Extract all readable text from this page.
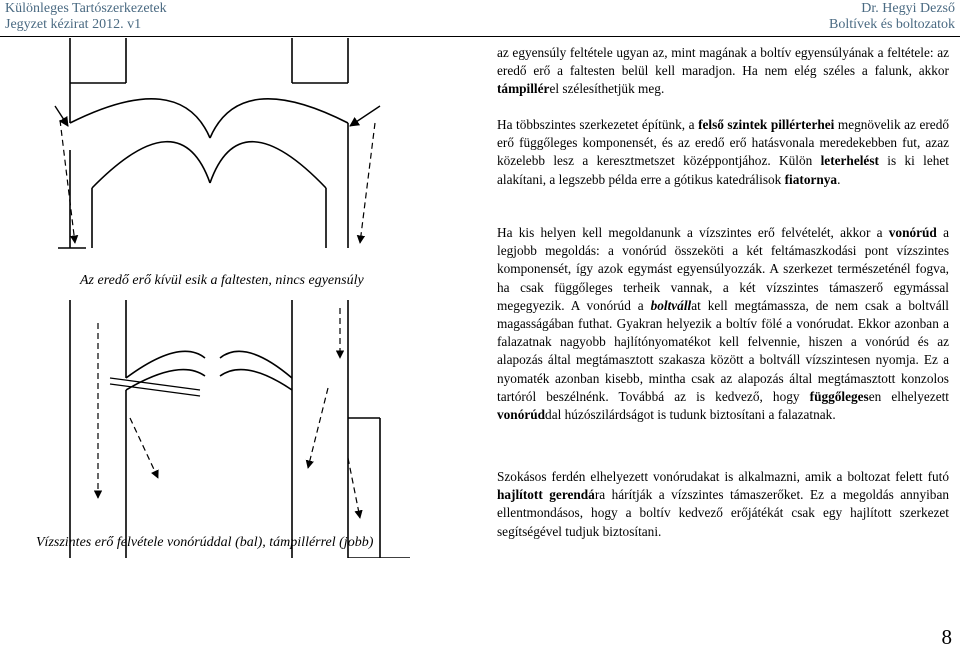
Különleges Tartószerkezetek
Jegyzet kézirat 2012. v1
Dr. Hegyi Dezső
Boltívek és boltozatok
Az eredő erő kívül esik a faltesten, nincs egyensúly
Vízszintes erő felvétele vonórúddal (bal), támpillérrel (jobb)

az egyensúly feltétele ugyan az, mint magának a boltív egyensúlyának a feltétele: az eredő erő a faltesten belül kell maradjon. Ha nem elég széles a falunk, akkor támpillérel szélesíthetjük meg.

Ha többszintes szerkezetet építünk, a felső szintek pillérterhei megnövelik az eredő erő függőleges komponensét, és az eredő erő hatásvonala meredekebben fut, azaz közelebb lesz a keresztmetszet középpontjához. Külön leterhelést is ki lehet alakítani, a legszebb példa erre a gótikus katedrálisok fiatornya.

Ha kis helyen kell megoldanunk a vízszintes erő felvételét, akkor a vonórúd a legjobb megoldás: a vonórúd összeköti a két feltámaszkodási pont vízszintes komponensét, így azok egymást egyensúlyozzák. A szerkezet természeténél fogva, ha csak függőleges terheik vannak, a két vízszintes támaszerő egymással megegyezik. A vonórúd a boltvállat kell megtámassza, de nem csak a boltváll magasságában futhat. Gyakran helyezik a boltív fölé a vonórudat. Ekkor azonban a falazatnak nagyobb hajlítónyomatékot kell felvennie, hiszen a vonórúd és az alapozás által megtámasztott szakasza között a boltváll vízszintesen nyomja. Ez a nyomaték azonban kisebb, mintha csak az alapozás által megtámasztott konzolos tartóról beszélnénk. Továbbá az is kedvező, hogy függőlegesen elhelyezett vonórúddal húzószilárdságot is tudunk biztosítani a falazatnak.

Szokásos ferdén elhelyezett vonórudakat is alkalmazni, amik a boltozat felett futó hajlított gerendára hárítják a vízszintes támaszerőket. Ez a megoldás annyiban ellentmondásos, hogy a boltív kedvező erőjátékát csak egy hajlított szerkezet segítségével tudjuk biztosítani.

8
